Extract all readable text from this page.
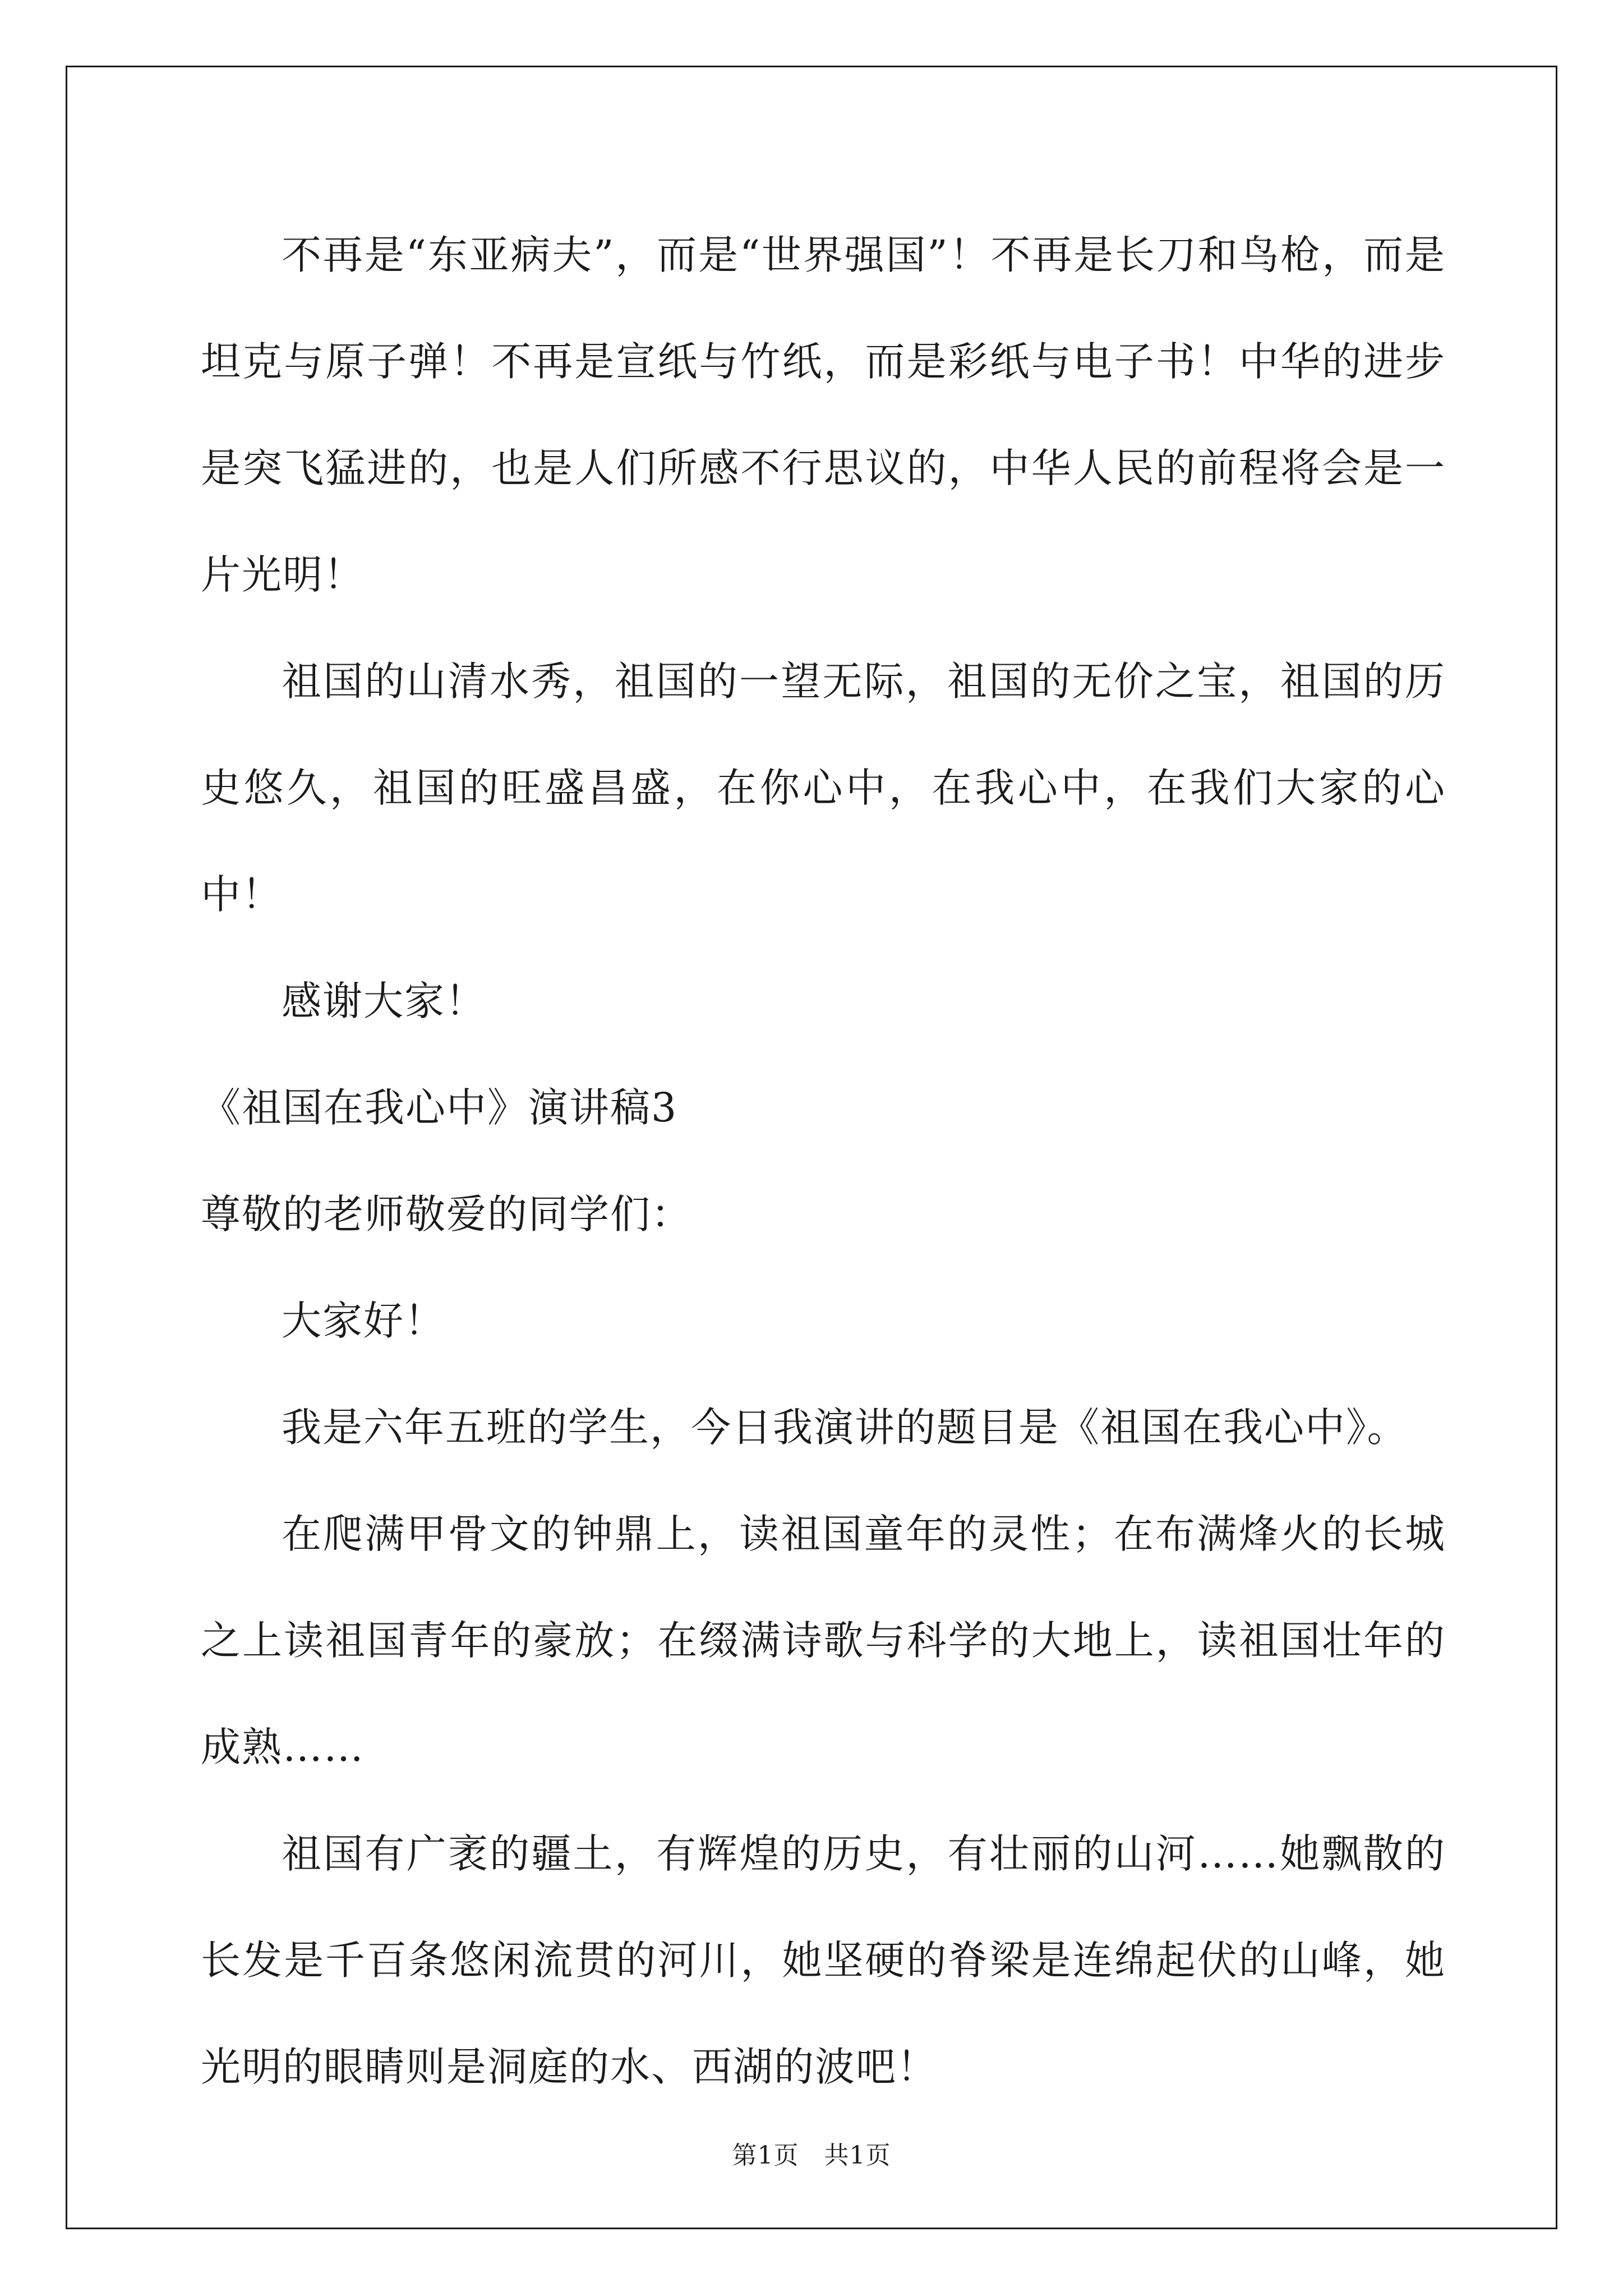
不再是“东亚病夫”，而是“世界强国”！不再是长刀和鸟枪，而是坦克与原子弹！不再是宣纸与竹纸，而是彩纸与电子书！中华的进步是突飞猛进的，也是人们所感不行思议的，中华人民的前程将会是一片光明！

祖国的山清水秀，祖国的一望无际，祖国的无价之宝，祖国的历史悠久，祖国的旺盛昌盛，在你心中，在我心中，在我们大家的心中！

感谢大家！

《祖国在我心中》演讲稿3

尊敬的老师敬爱的同学们：

大家好！

我是六年五班的学生，今日我演讲的题目是《祖国在我心中》。

在爬满甲骨文的钟鼎上，读祖国童年的灵性；在布满烽火的长城之上读祖国青年的豪放；在缀满诗歌与科学的大地上，读祖国壮年的成熟……

祖国有广袤的疆土，有辉煌的历史，有壮丽的山河……她飘散的长发是千百条悠闲流贯的河川，她坚硬的脊梁是连绵起伏的山峰，她光明的眼睛则是洞庭的水、西湖的波吧！

第1页 共1页
